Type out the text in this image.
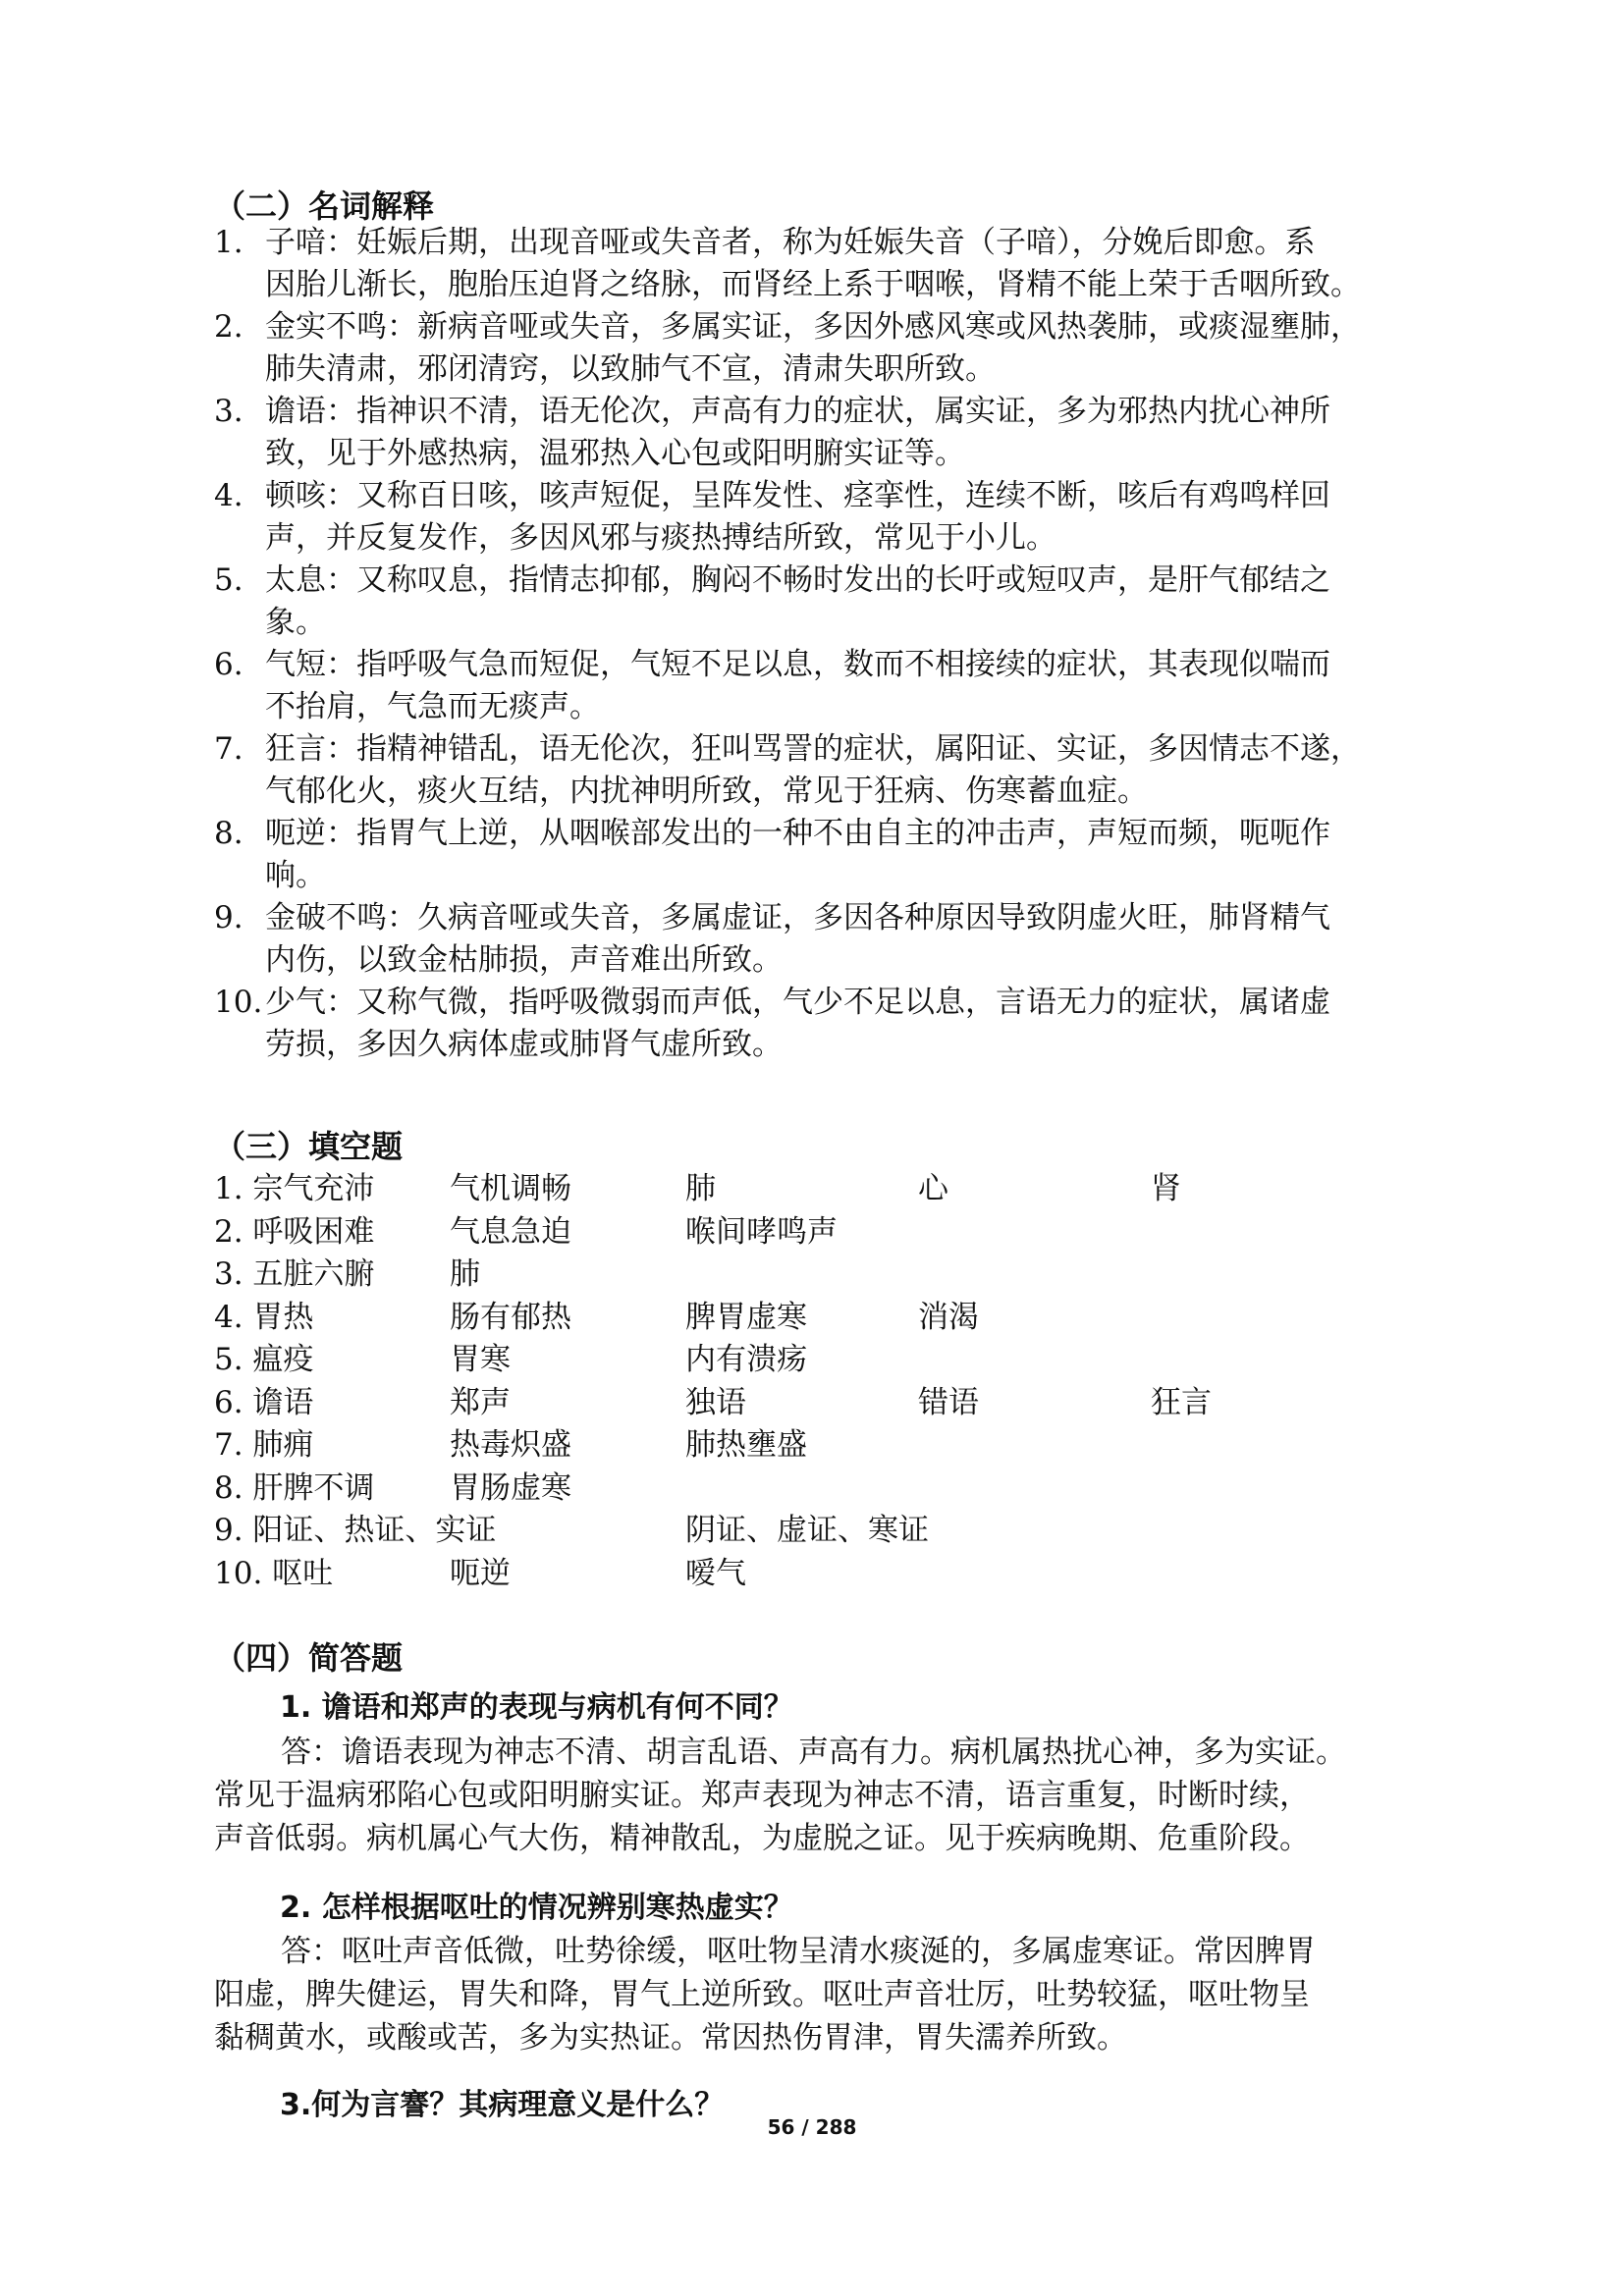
（二）名词解释
1. 子喑：妊娠后期，出现音哑或失音者，称为妊娠失音（子喑），分娩后即愈。系
因胎儿渐长，胞胎压迫肾之络脉，而肾经上系于咽喉，肾精不能上荣于舌咽所致。
2. 金实不鸣：新病音哑或失音，多属实证，多因外感风寒或风热袭肺，或痰湿壅肺，
肺失清肃，邪闭清窍，以致肺气不宣，清肃失职所致。
3. 谵语：指神识不清，语无伦次，声高有力的症状，属实证，多为邪热内扰心神所
致，见于外感热病，温邪热入心包或阳明腑实证等。
4. 顿咳：又称百日咳，咳声短促，呈阵发性、痉挛性，连续不断，咳后有鸡鸣样回
声，并反复发作，多因风邪与痰热搏结所致，常见于小儿。
5. 太息：又称叹息，指情志抑郁，胸闷不畅时发出的长吁或短叹声，是肝气郁结之
象。
6. 气短：指呼吸气急而短促，气短不足以息，数而不相接续的症状，其表现似喘而
不抬肩，气急而无痰声。
7. 狂言：指精神错乱，语无伦次，狂叫骂詈的症状，属阳证、实证，多因情志不遂，
气郁化火，痰火互结，内扰神明所致，常见于狂病、伤寒蓄血症。
8. 呃逆：指胃气上逆，从咽喉部发出的一种不由自主的冲击声，声短而频，呃呃作
响。
9. 金破不鸣：久病音哑或失音，多属虚证，多因各种原因导致阴虚火旺，肺肾精气
内伤，以致金枯肺损，声音难出所致。
10. 少气：又称气微，指呼吸微弱而声低，气少不足以息，言语无力的症状，属诸虚
劳损，多因久病体虚或肺肾气虚所致。
（三）填空题
1. 宗气充沛	气机调畅	肺	心	肾
2. 呼吸困难	气息急迫	喉间哮鸣声		
3. 五脏六腑	肺			
4. 胃热	肠有郁热	脾胃虚寒	消渴	
5. 瘟疫	胃寒	内有溃疡		
6. 谵语	郑声	独语	错语	狂言
7. 肺痈	热毒炽盛	肺热壅盛		
8. 肝脾不调	胃肠虚寒			
9. 阳证、热证、实证		阴证、虚证、寒证		
10. 呕吐	呃逆	嗳气		
（四）简答题
1. 谵语和郑声的表现与病机有何不同？
答：谵语表现为神志不清、胡言乱语、声高有力。病机属热扰心神，多为实证。
常见于温病邪陷心包或阳明腑实证。郑声表现为神志不清，语言重复，时断时续，
声音低弱。病机属心气大伤，精神散乱，为虚脱之证。见于疾病晚期、危重阶段。
2. 怎样根据呕吐的情况辨别寒热虚实？
答：呕吐声音低微，吐势徐缓，呕吐物呈清水痰涎的，多属虚寒证。常因脾胃
阳虚，脾失健运，胃失和降，胃气上逆所致。呕吐声音壮厉，吐势较猛，呕吐物呈
黏稠黄水，或酸或苦，多为实热证。常因热伤胃津，胃失濡养所致。
3.何为言謇？其病理意义是什么？
56 / 288
